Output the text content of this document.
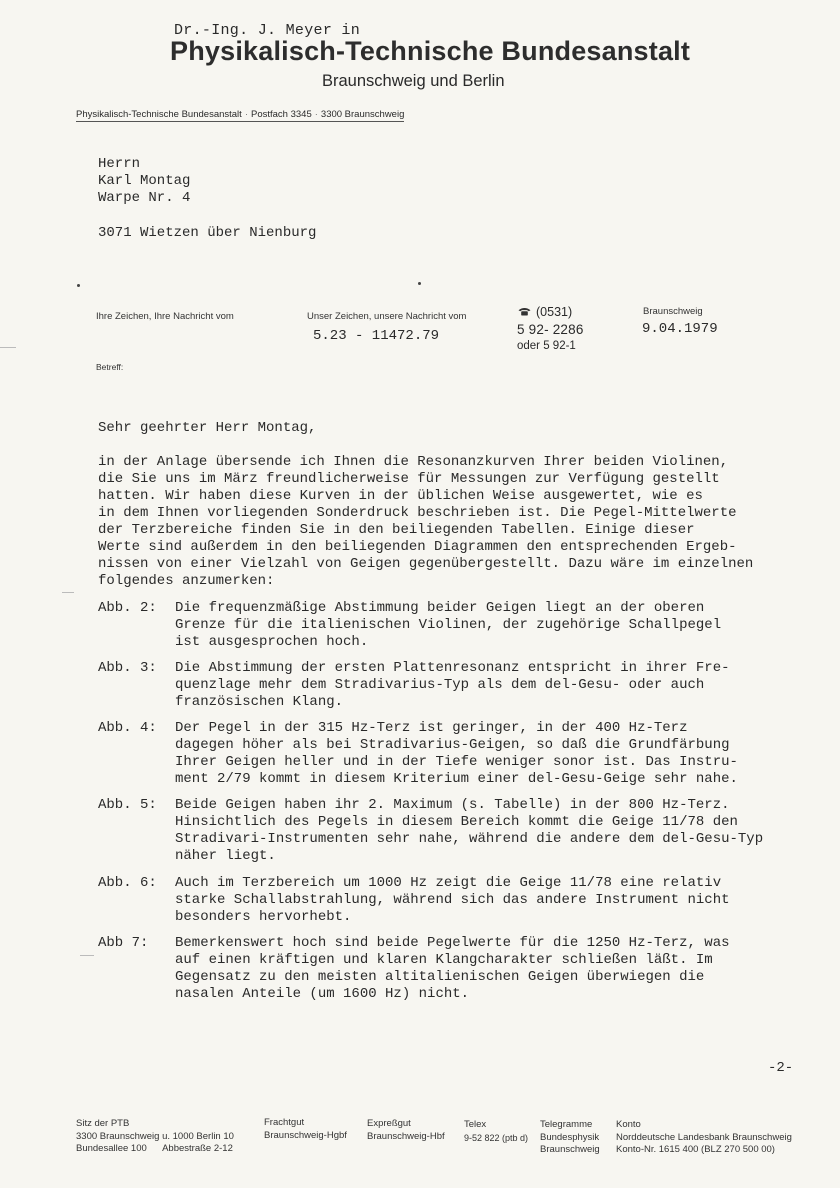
Dr.-Ing. J. Meyer in
Physikalisch-Technische Bundesanstalt
Braunschweig und Berlin
Physikalisch-Technische Bundesanstalt · Postfach 3345 · 3300 Braunschweig
Herrn
Karl Montag
Warpe Nr. 4
3071 Wietzen über Nienburg
Ihre Zeichen, Ihre Nachricht vom	Unser Zeichen, unsere Nachricht vom
5.23 - 11472.79
(0531)
5 92- 2286
oder 5 92-1
Braunschweig
9.04.1979
Betreff:
Sehr geehrter Herr Montag,
in der Anlage übersende ich Ihnen die Resonanzkurven Ihrer beiden Violinen,
die Sie uns im März freundlicherweise für Messungen zur Verfügung gestellt
hatten. Wir haben diese Kurven in der üblichen Weise ausgewertet, wie es
in dem Ihnen vorliegenden Sonderdruck beschrieben ist. Die Pegel-Mittelwerte
der Terzbereiche finden Sie in den beiliegenden Tabellen. Einige dieser
Werte sind außerdem in den beiliegenden Diagrammen den entsprechenden Ergeb-
nissen von einer Vielzahl von Geigen gegenübergestellt. Dazu wäre im einzelnen
folgendes anzumerken:
Abb. 2: Die frequenzmäßige Abstimmung beider Geigen liegt an der oberen
Grenze für die italienischen Violinen, der zugehörige Schallpegel
ist ausgesprochen hoch.
Abb. 3: Die Abstimmung der ersten Plattenresonanz entspricht in ihrer Fre-
quenzlage mehr dem Stradivarius-Typ als dem del-Gesu- oder auch
französischen Klang.
Abb. 4: Der Pegel in der 315 Hz-Terz ist geringer, in der 400 Hz-Terz
dagegen höher als bei Stradivarius-Geigen, so daß die Grundfärbung
Ihrer Geigen heller und in der Tiefe weniger sonor ist. Das Instru-
ment 2/79 kommt in diesem Kriterium einer del-Gesu-Geige sehr nahe.
Abb. 5: Beide Geigen haben ihr 2. Maximum (s. Tabelle) in der 800 Hz-Terz.
Hinsichtlich des Pegels in diesem Bereich kommt die Geige 11/78 den
Stradivari-Instrumenten sehr nahe, während die andere dem del-Gesu-Typ
näher liegt.
Abb. 6: Auch im Terzbereich um 1000 Hz zeigt die Geige 11/78 eine relativ
starke Schallabstrahlung, während sich das andere Instrument nicht
besonders hervorhebt.
Abb 7: Bemerkenswert hoch sind beide Pegelwerte für die 1250 Hz-Terz, was
auf einen kräftigen und klaren Klangcharakter schließen läßt. Im
Gegensatz zu den meisten altitalienischen Geigen überwiegen die
nasalen Anteile (um 1600 Hz) nicht.
-2-
Sitz der PTB
3300 Braunschweig u. 1000 Berlin 10
Bundesallee 100      Abbestraße 2-12
Frachtgut
Braunschweig-Hgbf
Expreßgut
Braunschweig-Hbf
Telex
9-52 822 (ptb d)
Telegramme
Bundesphysik
Braunschweig
Konto
Norddeutsche Landesbank Braunschweig
Konto-Nr. 1615 400 (BLZ 270 500 00)
